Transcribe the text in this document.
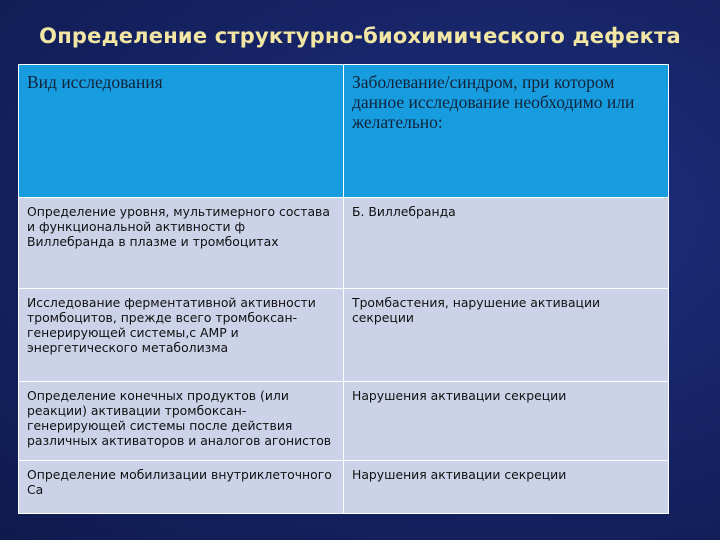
Определение структурно-биохимического дефекта
Вид исследования	Заболевание/синдром, при котором данное исследование необходимо или желательно:

Определение уровня, мультимерного состава и функциональной активности ф Виллебранда в плазме и тромбоцитах	Б. Виллебранда

Исследование ферментативной активности тромбоцитов, прежде всего тромбоксан-генерирующей системы,с АМР и энергетического метаболизма	Тромбастения, нарушение активации секреции

Определение конечных продуктов (или реакции) активации тромбоксан-генерирующей системы после действия различных активаторов и аналогов агонистов	Нарушения активации секреции

Определение мобилизации внутриклеточного Са	Нарушения активации секреции
